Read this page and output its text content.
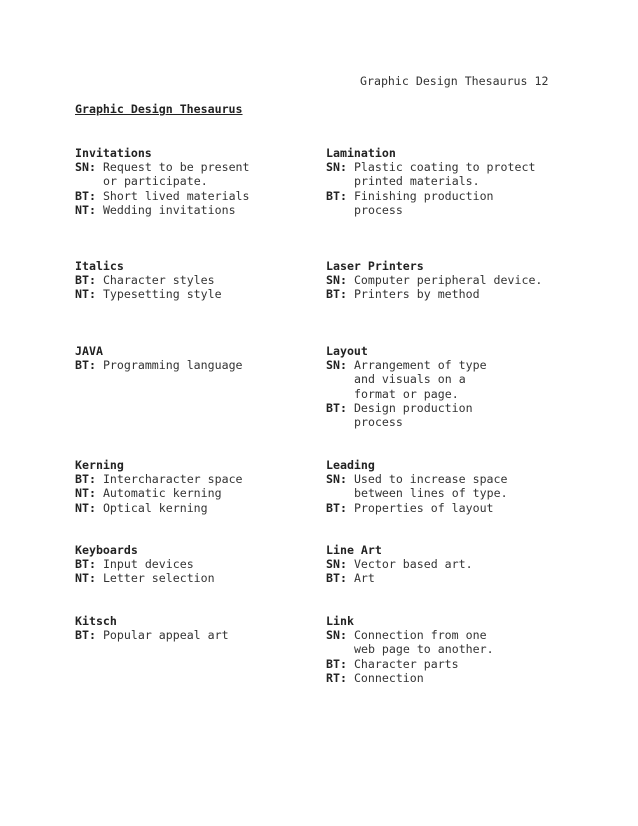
Graphic Design Thesaurus 12
Graphic Design Thesaurus
Invitations
SN: Request to be present
or participate.
BT: Short lived materials
NT: Wedding invitations
Italics
BT: Character styles
NT: Typesetting style
JAVA
BT: Programming language
Kerning
BT: Intercharacter space
NT: Automatic kerning
NT: Optical kerning
Keyboards
BT: Input devices
NT: Letter selection
Kitsch
BT: Popular appeal art
Lamination
SN: Plastic coating to protect
printed materials.
BT: Finishing production
process
Laser Printers
SN: Computer peripheral device.
BT: Printers by method
Layout
SN: Arrangement of type
and visuals on a
format or page.
BT: Design production
process
Leading
SN: Used to increase space
between lines of type.
BT: Properties of layout
Line Art
SN: Vector based art.
BT: Art
Link
SN: Connection from one
web page to another.
BT: Character parts
RT: Connection
